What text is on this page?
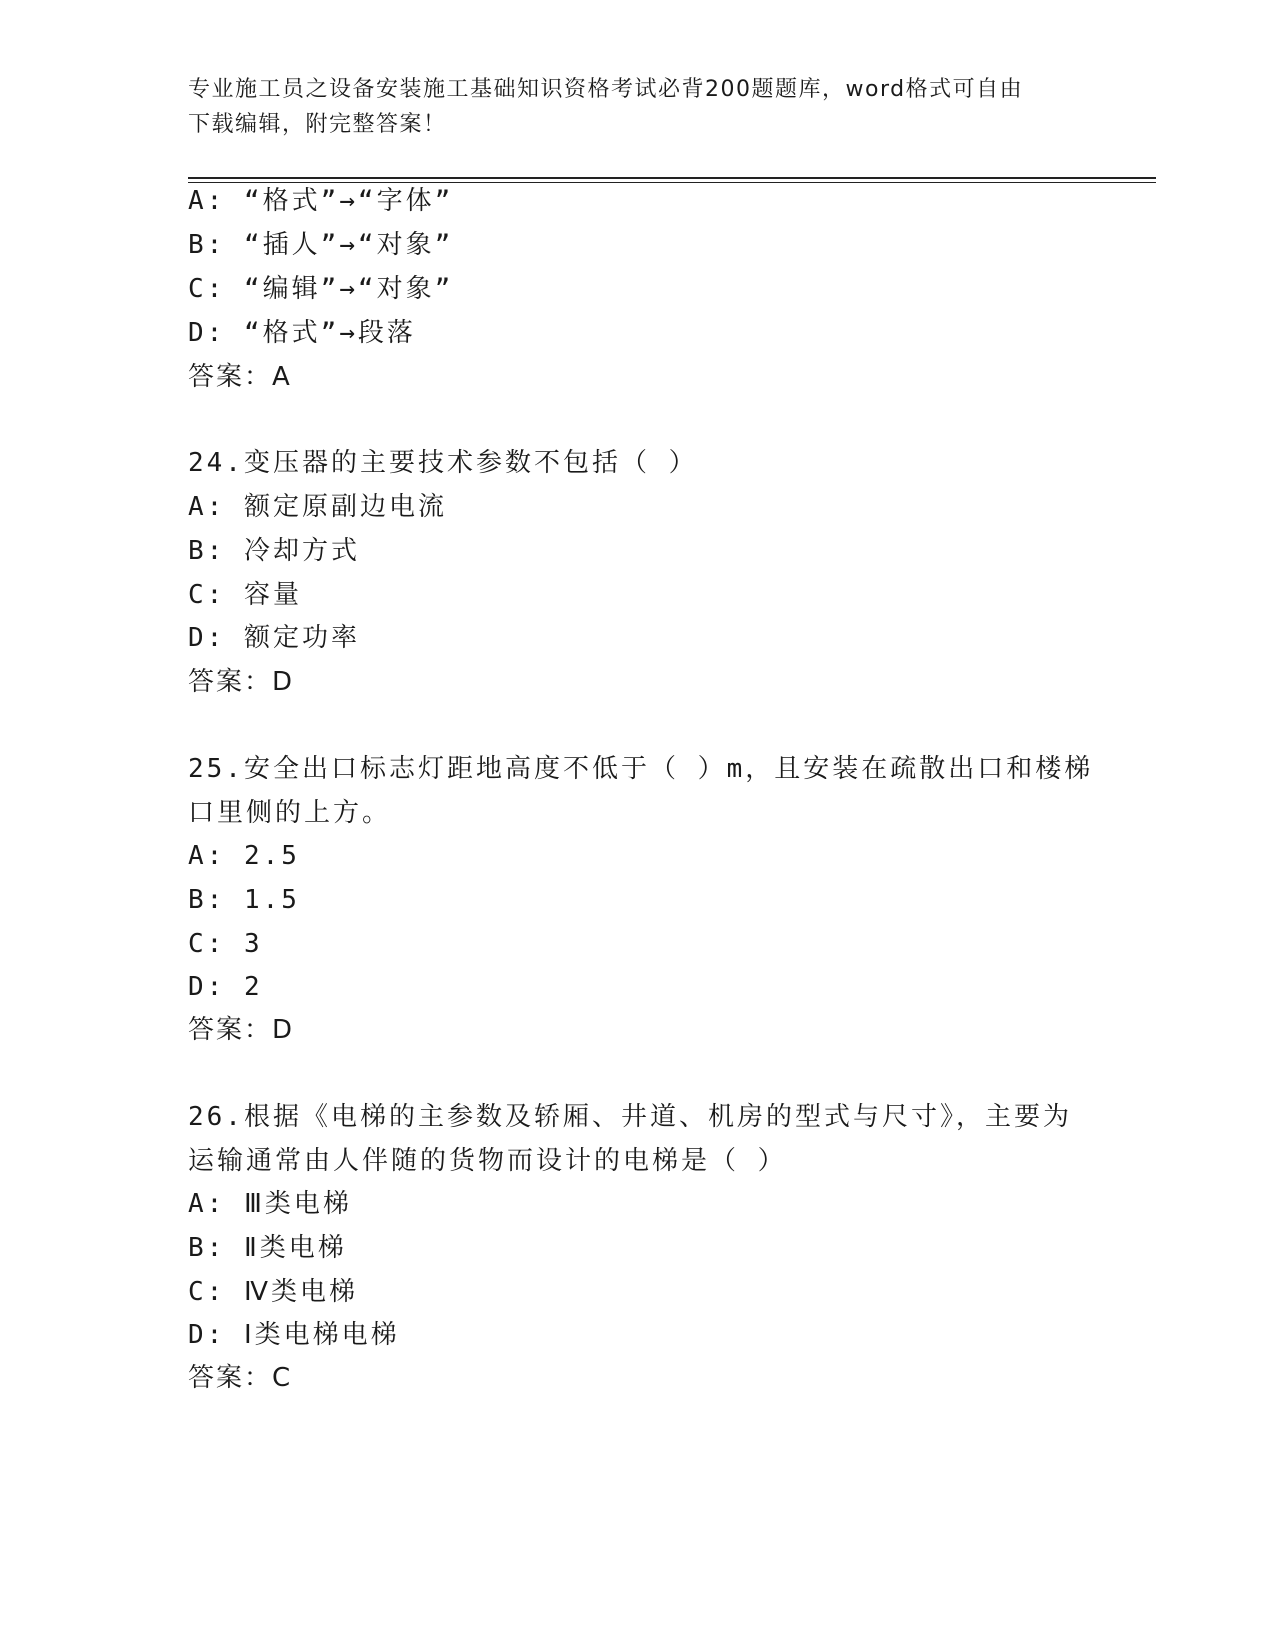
专业施工员之设备安装施工基础知识资格考试必背200题题库，word格式可自由
下载编辑，附完整答案！
A: “格式”→“字体”
B: “插人”→“对象”
C: “编辑”→“对象”
D: “格式”→段落
答案：A
24.变压器的主要技术参数不包括（ ）
A: 额定原副边电流
B: 冷却方式
C: 容量
D: 额定功率
答案：D
25.安全出口标志灯距地高度不低于（ ）m，且安装在疏散出口和楼梯
口里侧的上方。
A: 2.5
B: 1.5
C: 3
D: 2
答案：D
26.根据《电梯的主参数及轿厢、井道、机房的型式与尺寸》，主要为
运输通常由人伴随的货物而设计的电梯是（ ）
A: Ⅲ类电梯
B: Ⅱ类电梯
C: Ⅳ类电梯
D: Ⅰ类电梯电梯
答案：C
